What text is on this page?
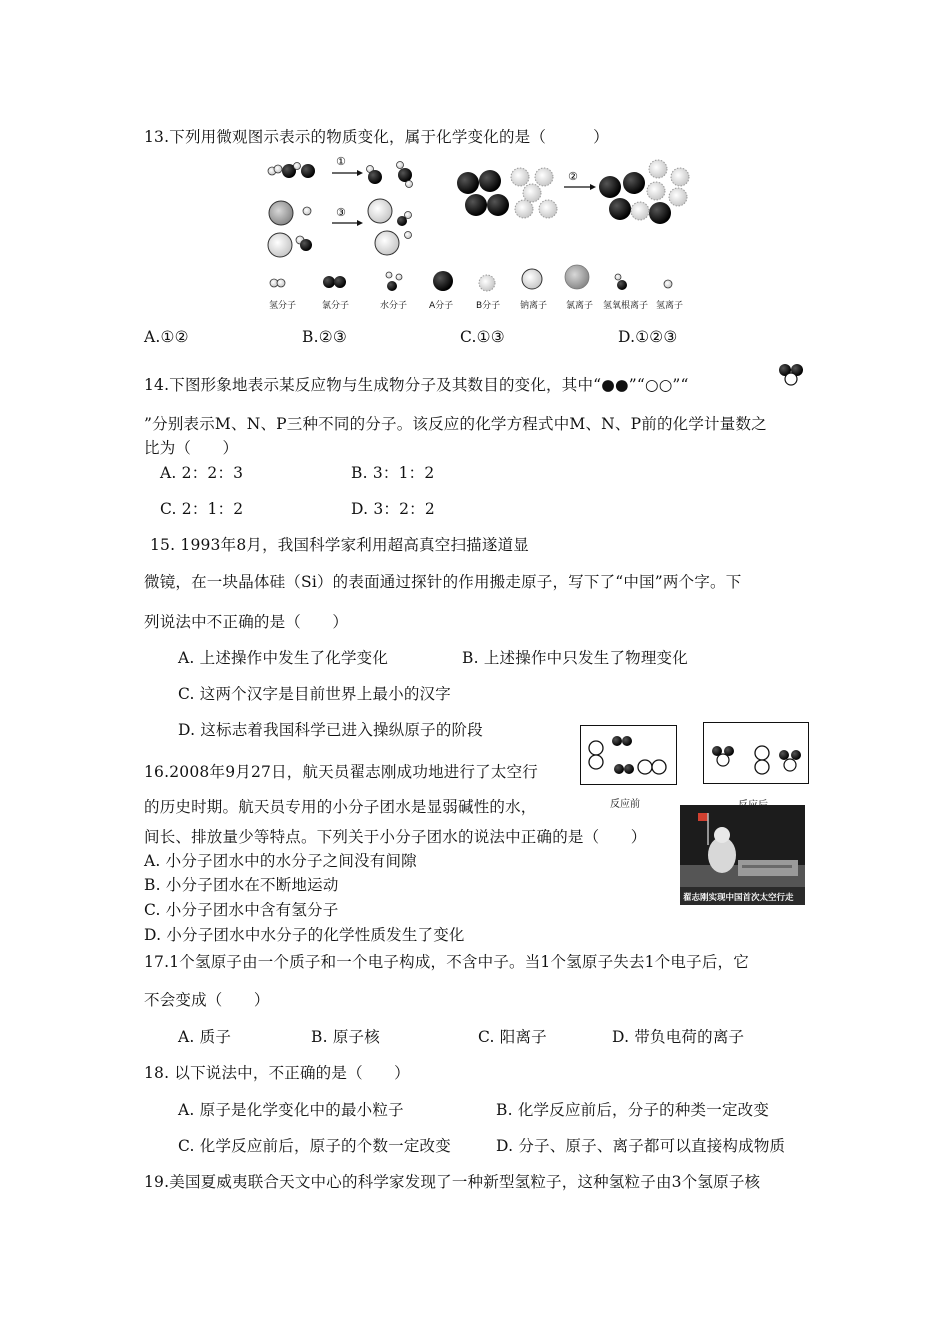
13.下列用微观图示表示的物质变化，属于化学变化的是（　　　）
①
③
②
氢分子	氯分子	水分子 A分子	B分子 钠离子 氯离子 氢氧根离子 氢离子
A.①②	B.②③	C.①③	D.①②③
14.下图形象地表示某反应物与生成物分子及其数目的变化，其中“●●”“○○”“
”分别表示M、N、P三种不同的分子。该反应的化学方程式中M、N、P前的化学计量数之
比为（　　）
A. 2：2：3	B. 3：1：2
C. 2：1：2	D. 3：2：2
15. 1993年8月，我国科学家利用超高真空扫描遂道显
微镜，在一块晶体硅（Si）的表面通过探针的作用搬走原子，写下了“中国”两个字。下
列说法中不正确的是（　　）
A. 上述操作中发生了化学变化	B. 上述操作中只发生了物理变化
C. 这两个汉字是目前世界上最小的汉字
D. 这标志着我国科学已进入操纵原子的阶段
16.2008年9月27日，航天员翟志刚成功地进行了太空行
的历史时期。航天员专用的小分子团水是显弱碱性的水，
间长、排放量少等特点。下列关于小分子团水的说法中正确的是（　　）
A. 小分子团水中的水分子之间没有间隙
B. 小分子团水在不断地运动
C. 小分子团水中含有氢分子
D. 小分子团水中水分子的化学性质发生了变化
反应前
翟志刚实现中国首次太空行走
17.1个氢原子由一个质子和一个电子构成，不含中子。当1个氢原子失去1个电子后，它
不会变成（　　）
A. 质子	B. 原子核	C. 阳离子	D. 带负电荷的离子
18. 以下说法中，不正确的是（　　）
A. 原子是化学变化中的最小粒子	B. 化学反应前后，分子的种类一定改变
C. 化学反应前后，原子的个数一定改变	D. 分子、原子、离子都可以直接构成物质
19.美国夏威夷联合天文中心的科学家发现了一种新型氢粒子，这种氢粒子由3个氢原子核
